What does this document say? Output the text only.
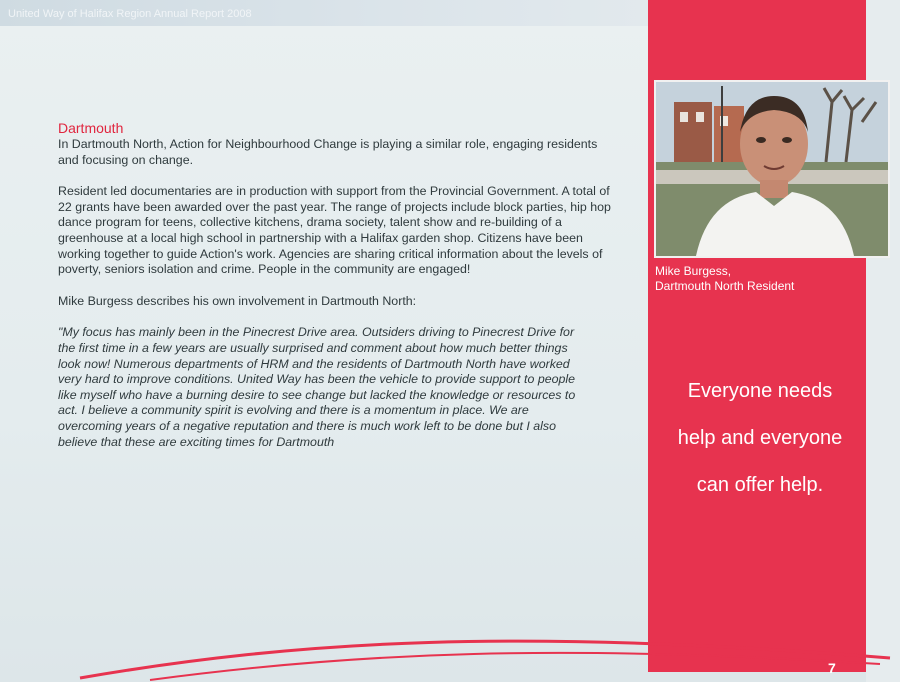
United Way of Halifax Region Annual Report 2008
Dartmouth

In Dartmouth North, Action for Neighbourhood Change is playing a similar role, engaging residents and focusing on change.

Resident led documentaries are in production with support from the Provincial Government. A total of 22 grants have been awarded over the past year. The range of projects include block parties, hip hop dance program for teens, collective kitchens, drama society, talent show and re-building of a greenhouse at a local high school in partnership with a Halifax garden shop. Citizens have been working together to guide Action's work. Agencies are sharing critical information about the levels of poverty, seniors isolation and crime. People in the community are engaged!

Mike Burgess describes his own involvement in Dartmouth North:

"My focus has mainly been in the Pinecrest Drive area. Outsiders driving to Pinecrest Drive for the first time in a few years are usually surprised and comment about how much better things look now! Numerous departments of HRM and the residents of Dartmouth North have worked very hard to improve conditions. United Way has been the vehicle to provide support to people like myself who have a burning desire to see change but lacked the knowledge or resources to act. I believe a community spirit is evolving and there is a momentum in place. We are overcoming years of a negative reputation and there is much work left to be done but I also believe that these are exciting times for Dartmouth

Mike Burgess,
Dartmouth North Resident
Everyone needs
help and everyone
can offer help.
7
